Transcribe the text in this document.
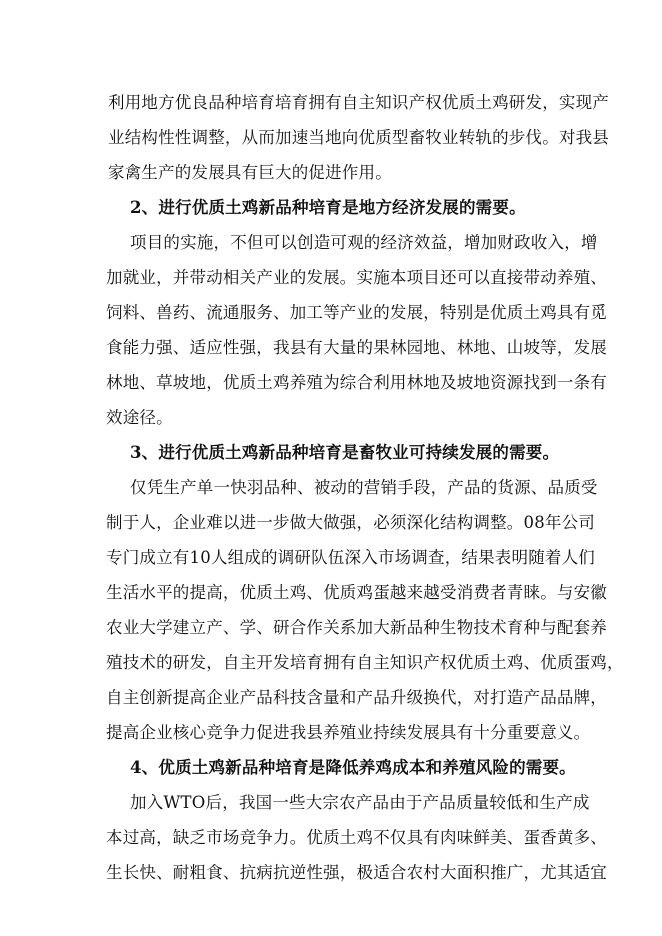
利用地方优良品种培育培育拥有自主知识产权优质土鸡研发，实现产
业结构性性调整，从而加速当地向优质型畜牧业转轨的步伐。对我县
家禽生产的发展具有巨大的促进作用。
2、进行优质土鸡新品种培育是地方经济发展的需要。
项目的实施，不但可以创造可观的经济效益，增加财政收入，增
加就业，并带动相关产业的发展。实施本项目还可以直接带动养殖、
饲料、兽药、流通服务、加工等产业的发展，特别是优质土鸡具有觅
食能力强、适应性强，我县有大量的果林园地、林地、山坡等，发展
林地、草坡地，优质土鸡养殖为综合利用林地及坡地资源找到一条有
效途径。
3、进行优质土鸡新品种培育是畜牧业可持续发展的需要。
仅凭生产单一快羽品种、被动的营销手段，产品的货源、品质受
制于人，企业难以进一步做大做强，必须深化结构调整。08年公司
专门成立有10人组成的调研队伍深入市场调查，结果表明随着人们
生活水平的提高，优质土鸡、优质鸡蛋越来越受消费者青睐。与安徽
农业大学建立产、学、研合作关系加大新品种生物技术育种与配套养
殖技术的研发，自主开发培育拥有自主知识产权优质土鸡、优质蛋鸡，
自主创新提高企业产品科技含量和产品升级换代，对打造产品品牌，
提高企业核心竞争力促进我县养殖业持续发展具有十分重要意义。
4、优质土鸡新品种培育是降低养鸡成本和养殖风险的需要。
加入WTO后，我国一些大宗农产品由于产品质量较低和生产成
本过高，缺乏市场竞争力。优质土鸡不仅具有肉味鲜美、蛋香黄多、
生长快、耐粗食、抗病抗逆性强，极适合农村大面积推广，尤其适宜
